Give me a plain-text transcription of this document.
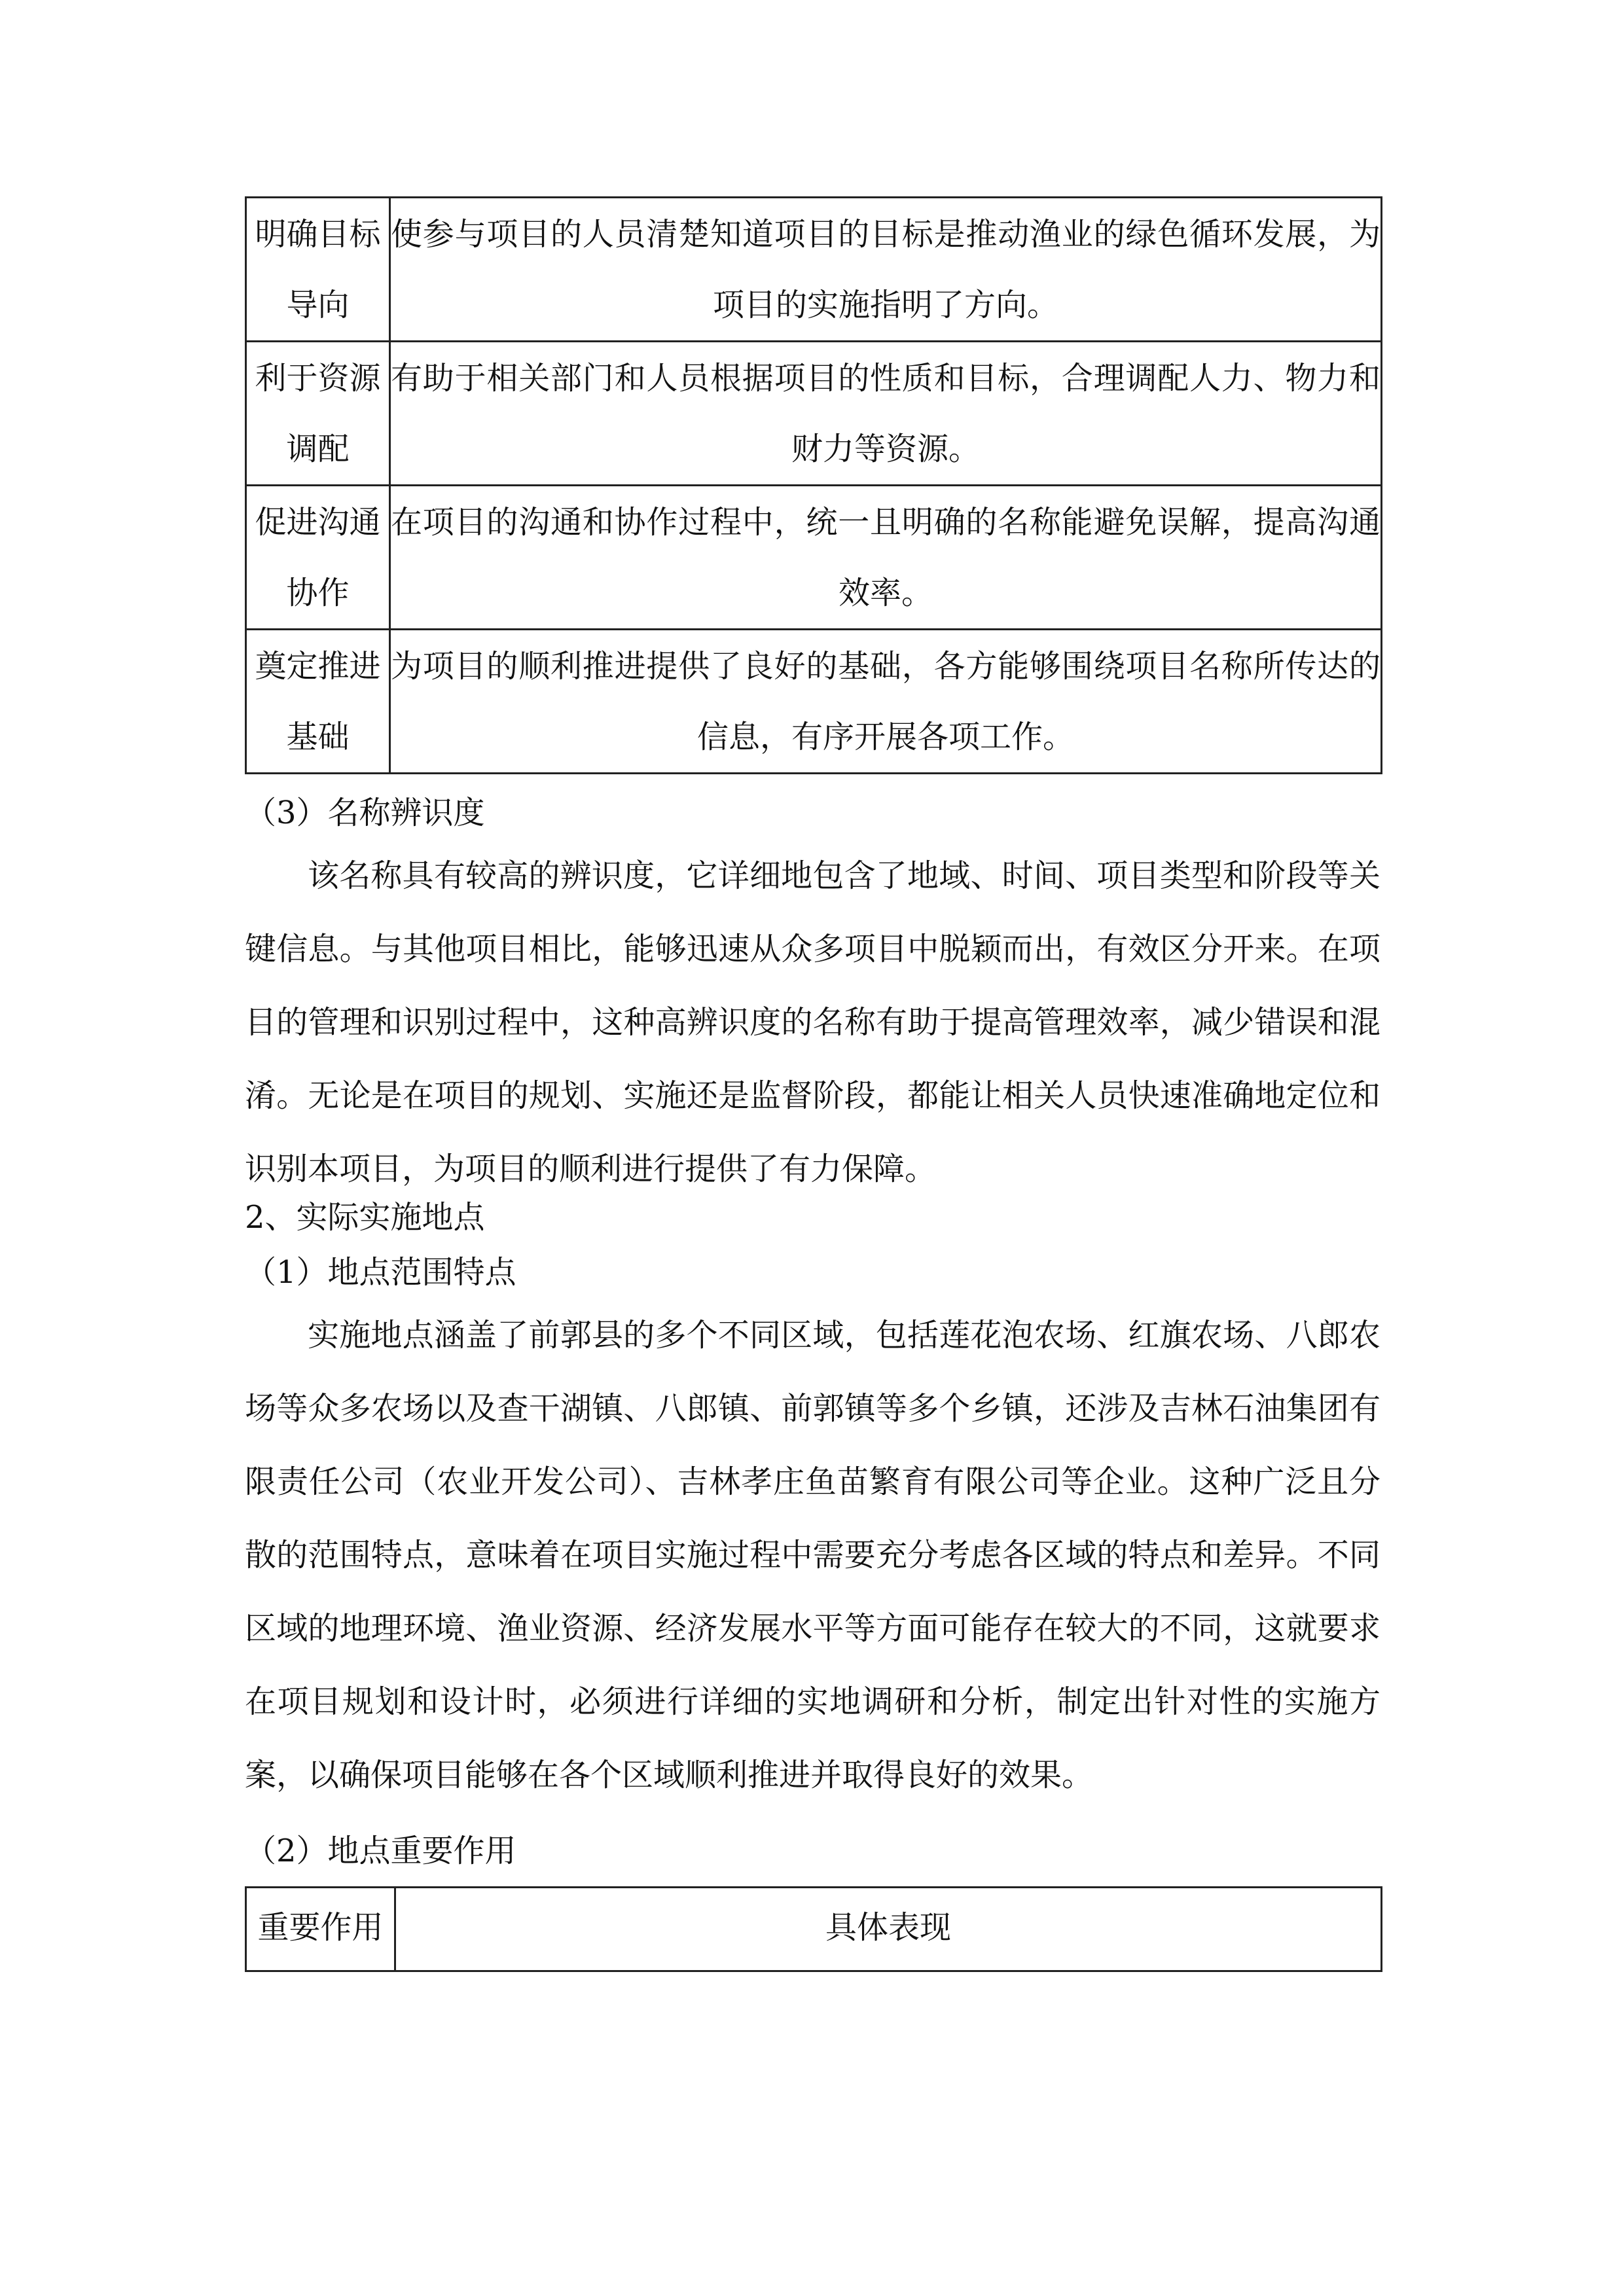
明确目标导向	使参与项目的人员清楚知道项目的目标是推动渔业的绿色循环发展，为项目的实施指明了方向。
利于资源调配	有助于相关部门和人员根据项目的性质和目标，合理调配人力、物力和财力等资源。
促进沟通协作	在项目的沟通和协作过程中，统一且明确的名称能避免误解，提高沟通效率。
奠定推进基础	为项目的顺利推进提供了良好的基础，各方能够围绕项目名称所传达的信息，有序开展各项工作。
（3）名称辨识度
该名称具有较高的辨识度，它详细地包含了地域、时间、项目类型和阶段等关键信息。与其他项目相比，能够迅速从众多项目中脱颖而出，有效区分开来。在项目的管理和识别过程中，这种高辨识度的名称有助于提高管理效率，减少错误和混淆。无论是在项目的规划、实施还是监督阶段，都能让相关人员快速准确地定位和识别本项目，为项目的顺利进行提供了有力保障。
2、实际实施地点
（1）地点范围特点
实施地点涵盖了前郭县的多个不同区域，包括莲花泡农场、红旗农场、八郎农场等众多农场以及查干湖镇、八郎镇、前郭镇等多个乡镇，还涉及吉林石油集团有限责任公司（农业开发公司）、吉林孝庄鱼苗繁育有限公司等企业。这种广泛且分散的范围特点，意味着在项目实施过程中需要充分考虑各区域的特点和差异。不同区域的地理环境、渔业资源、经济发展水平等方面可能存在较大的不同，这就要求在项目规划和设计时，必须进行详细的实地调研和分析，制定出针对性的实施方案，以确保项目能够在各个区域顺利推进并取得良好的效果。
（2）地点重要作用
重要作用	具体表现
